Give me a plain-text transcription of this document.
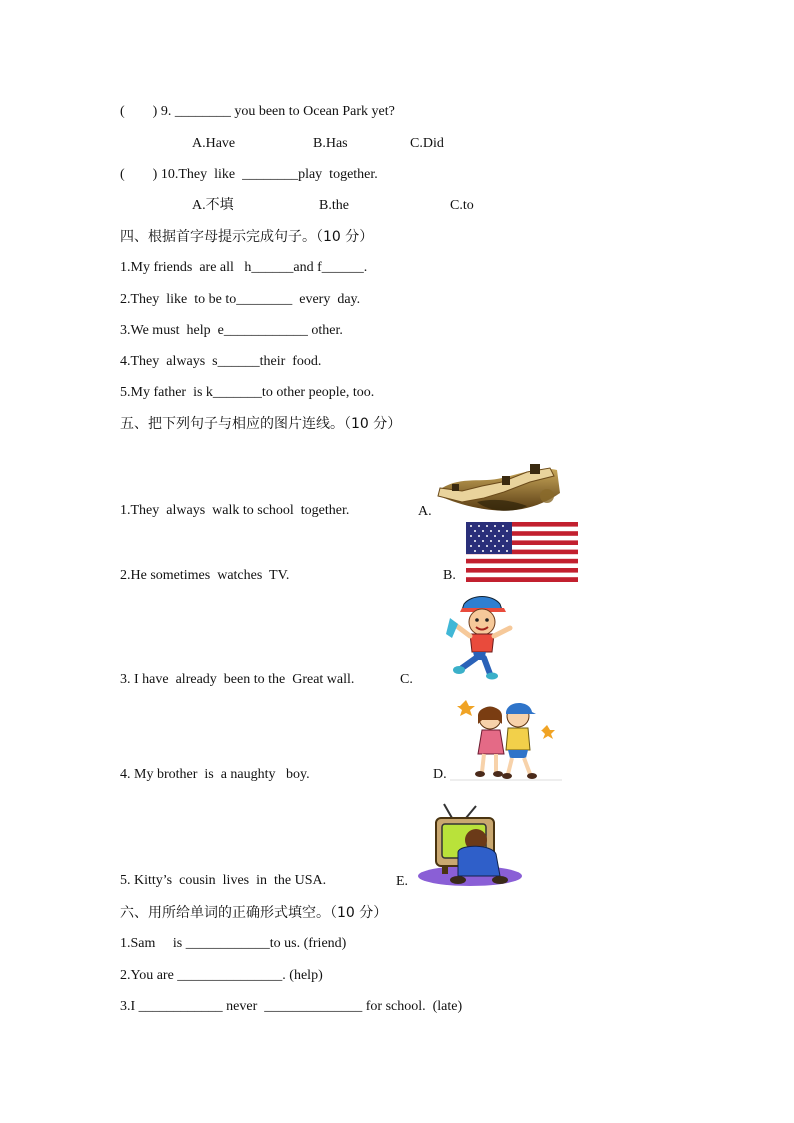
(        ) 9. ________ you been to Ocean Park yet?
A.Have	B.Has	C.Did
(        ) 10.They  like  ________play  together.
A.不填	B.the	C.to
四、根据首字母提示完成句子。（10 分）
1.My friends  are all   h______and f______.
2.They  like  to be to________  every  day.
3.We must  help  e____________ other.
4.They  always  s______their  food.
5.My father  is k_______to other people, too.
五、把下列句子与相应的图片连线。（10 分）
1.They  always  walk to school  together.	A.
2.He sometimes  watches  TV.	B.
3. I have  already  been to the  Great wall.	C.
4. My brother  is  a naughty   boy.	D.
5. Kitty’s  cousin  lives  in  the USA.	E.
六、用所给单词的正确形式填空。（10 分）
1.Sam     is ____________to us. (friend)
2.You are _______________. (help)
3.I ____________ never  ______________ for school.  (late)
